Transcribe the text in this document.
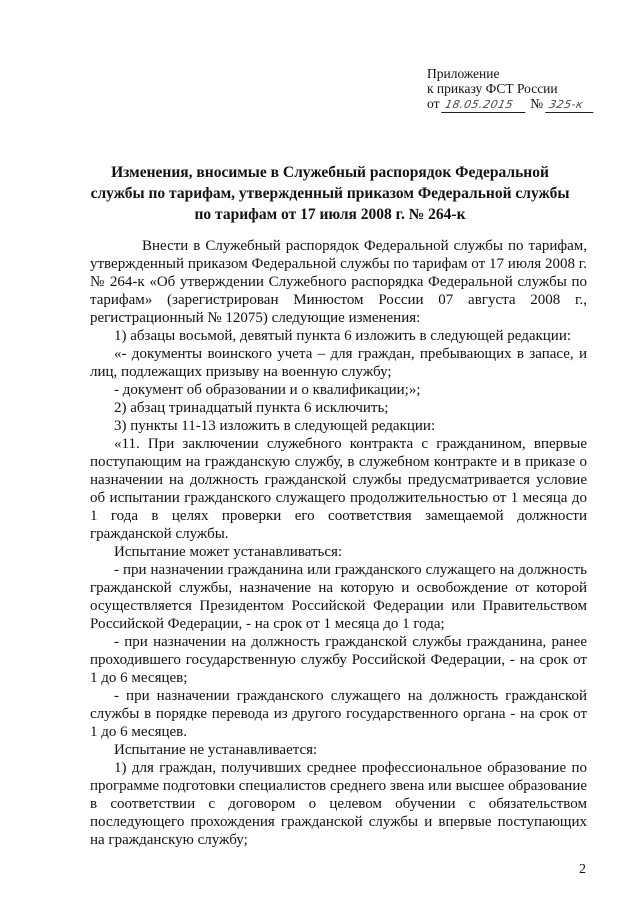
Приложение
к приказу ФСТ России
от 18.05.2015 № 325-к
Изменения, вносимые в Служебный распорядок Федеральной службы по тарифам, утвержденный приказом Федеральной службы по тарифам от 17 июля 2008 г. № 264-к

Внести в Служебный распорядок Федеральной службы по тарифам, утвержденный приказом Федеральной службы по тарифам от 17 июля 2008 г. № 264-к «Об утверждении Служебного распорядка Федеральной службы по тарифам» (зарегистрирован Минюстом России 07 августа 2008 г., регистрационный № 12075) следующие изменения:

1) абзацы восьмой, девятый пункта 6 изложить в следующей редакции:

«- документы воинского учета – для граждан, пребывающих в запасе, и лиц, подлежащих призыву на военную службу;

- документ об образовании и о квалификации;»;

2) абзац тринадцатый пункта 6 исключить;

3) пункты 11-13 изложить в следующей редакции:

«11. При заключении служебного контракта с гражданином, впервые поступающим на гражданскую службу, в служебном контракте и в приказе о назначении на должность гражданской службы предусматривается условие об испытании гражданского служащего продолжительностью от 1 месяца до 1 года в целях проверки его соответствия замещаемой должности гражданской службы.

Испытание может устанавливаться:

- при назначении гражданина или гражданского служащего на должность гражданской службы, назначение на которую и освобождение от которой осуществляется Президентом Российской Федерации или Правительством Российской Федерации, - на срок от 1 месяца до 1 года;

- при назначении на должность гражданской службы гражданина, ранее проходившего государственную службу Российской Федерации, - на срок от 1 до 6 месяцев;

- при назначении гражданского служащего на должность гражданской службы в порядке перевода из другого государственного органа - на срок от 1 до 6 месяцев.

Испытание не устанавливается:

1) для граждан, получивших среднее профессиональное образование по программе подготовки специалистов среднего звена или высшее образование в соответствии с договором о целевом обучении с обязательством последующего прохождения гражданской службы и впервые поступающих на гражданскую службу;

2
